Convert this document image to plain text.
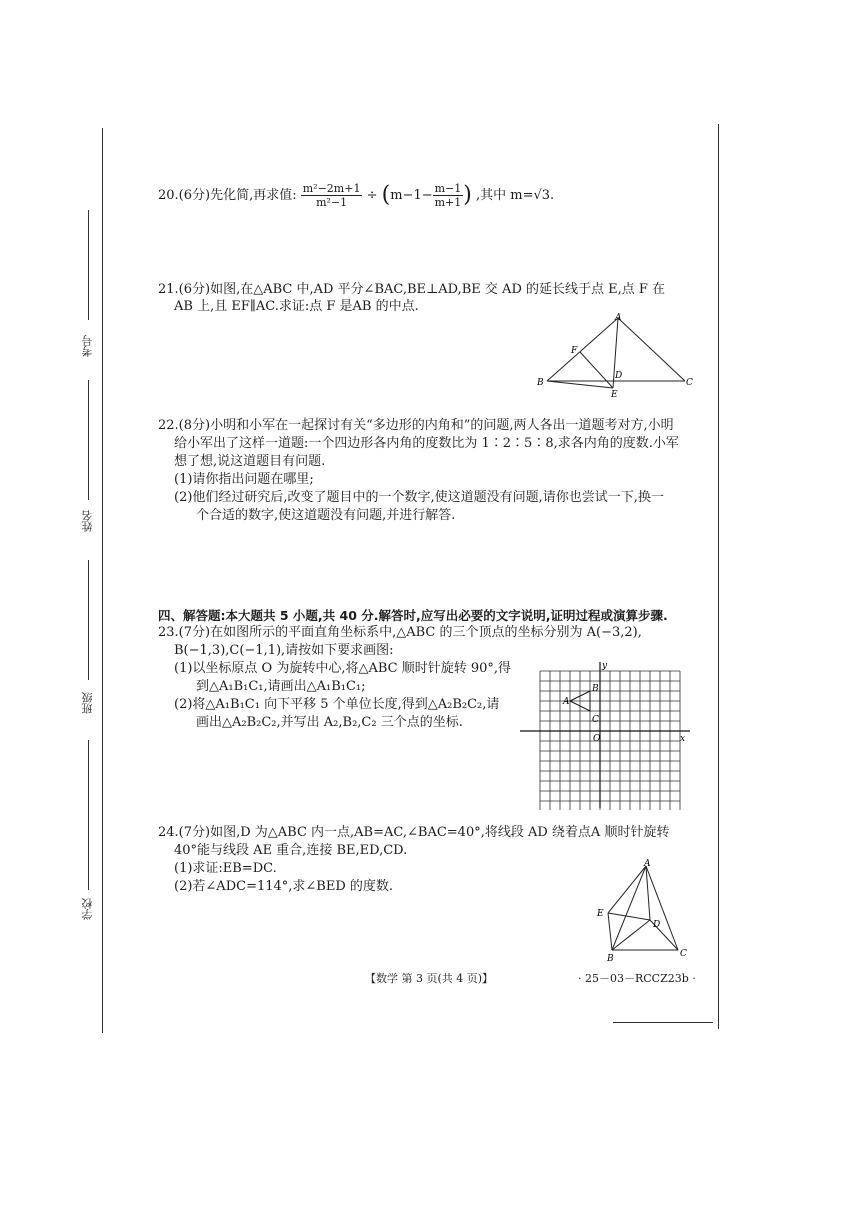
考号
姓名
班级
学校
20.(6分)先化简,再求值: $\frac{\text{m²−2m+1}}{\text{m²−1}} \div (m-1- \frac{m-1}{m+1}$ ) ,其中 m=√3.
21.(6分)如图,在△ABC 中,AD 平分∠BAC,BE⊥AD,BE 交 AD 的延长线于点 E,点 F 在
AB 上,且 EF∥AC.求证:点 F 是AB 的中点.
A
B	C
D
E
F
22.(8分)小明和小军在一起探讨有关“多边形的内角和”的问题,两人各出一道题考对方,小明
给小军出了这样一道题:一个四边形各内角的度数比为 1∶2∶5∶8,求各内角的度数.小军
想了想,说这道题目有问题.
(1)请你指出问题在哪里;
(2)他们经过研究后,改变了题目中的一个数字,使这道题没有问题,请你也尝试一下,换一
个合适的数字,使这道题没有问题,并进行解答.
四、解答题:本大题共 5 小题,共 40 分.解答时,应写出必要的文字说明,证明过程或演算步骤.
23.(7分)在如图所示的平面直角坐标系中,△ABC 的三个顶点的坐标分别为 A(−3,2),
B(−1,3),C(−1,1),请按如下要求画图:
(1)以坐标原点 O 为旋转中心,将△ABC 顺时针旋转 90°,得
到△A₁B₁C₁,请画出△A₁B₁C₁;
(2)将△A₁B₁C₁ 向下平移 5 个单位长度,得到△A₂B₂C₂,请
画出△A₂B₂C₂,并写出 A₂,B₂,C₂ 三个点的坐标.
y
x
O
A
B
C
24.(7分)如图,D 为△ABC 内一点,AB=AC,∠BAC=40°,将线段 AD 绕着点A 顺时针旋转
40°能与线段 AE 重合,连接 BE,ED,CD.
(1)求证:EB=DC.
(2)若∠ADC=114°,求∠BED 的度数.
A
B	C
D
E
【数学 第 3 页(共 4 页)】	· 25－03－RCCZ23b ·
